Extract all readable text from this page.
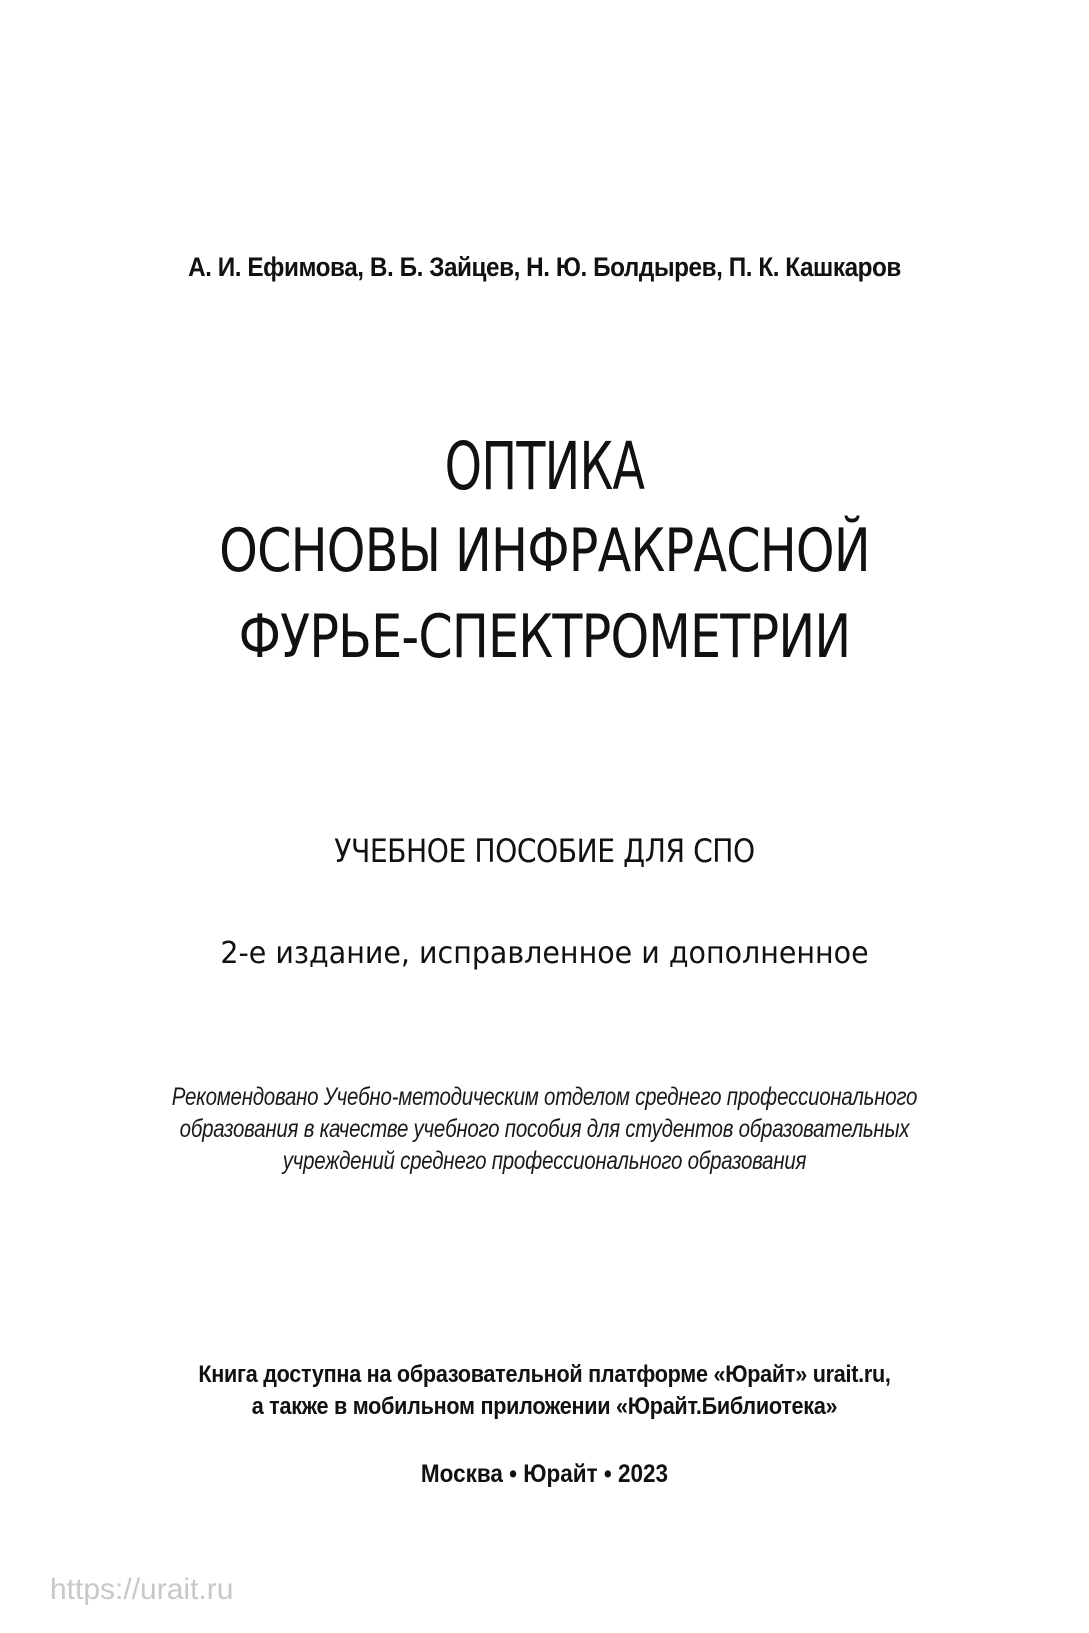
А. И. Ефимова, В. Б. Зайцев, Н. Ю. Болдырев, П. К. Кашкаров
ОПТИКА
ОСНОВЫ ИНФРАКРАСНОЙ
ФУРЬЕ-СПЕКТРОМЕТРИИ
УЧЕБНОЕ ПОСОБИЕ ДЛЯ СПО
2-е издание, исправленное и дополненное
Рекомендовано Учебно-методическим отделом среднего профессионального
образования в качестве учебного пособия для студентов образовательных
учреждений среднего профессионального образования
Книга доступна на образовательной платформе «Юрайт» urait.ru,
а также в мобильном приложении «Юрайт.Библиотека»
Москва • Юрайт • 2023
https://urait.ru
